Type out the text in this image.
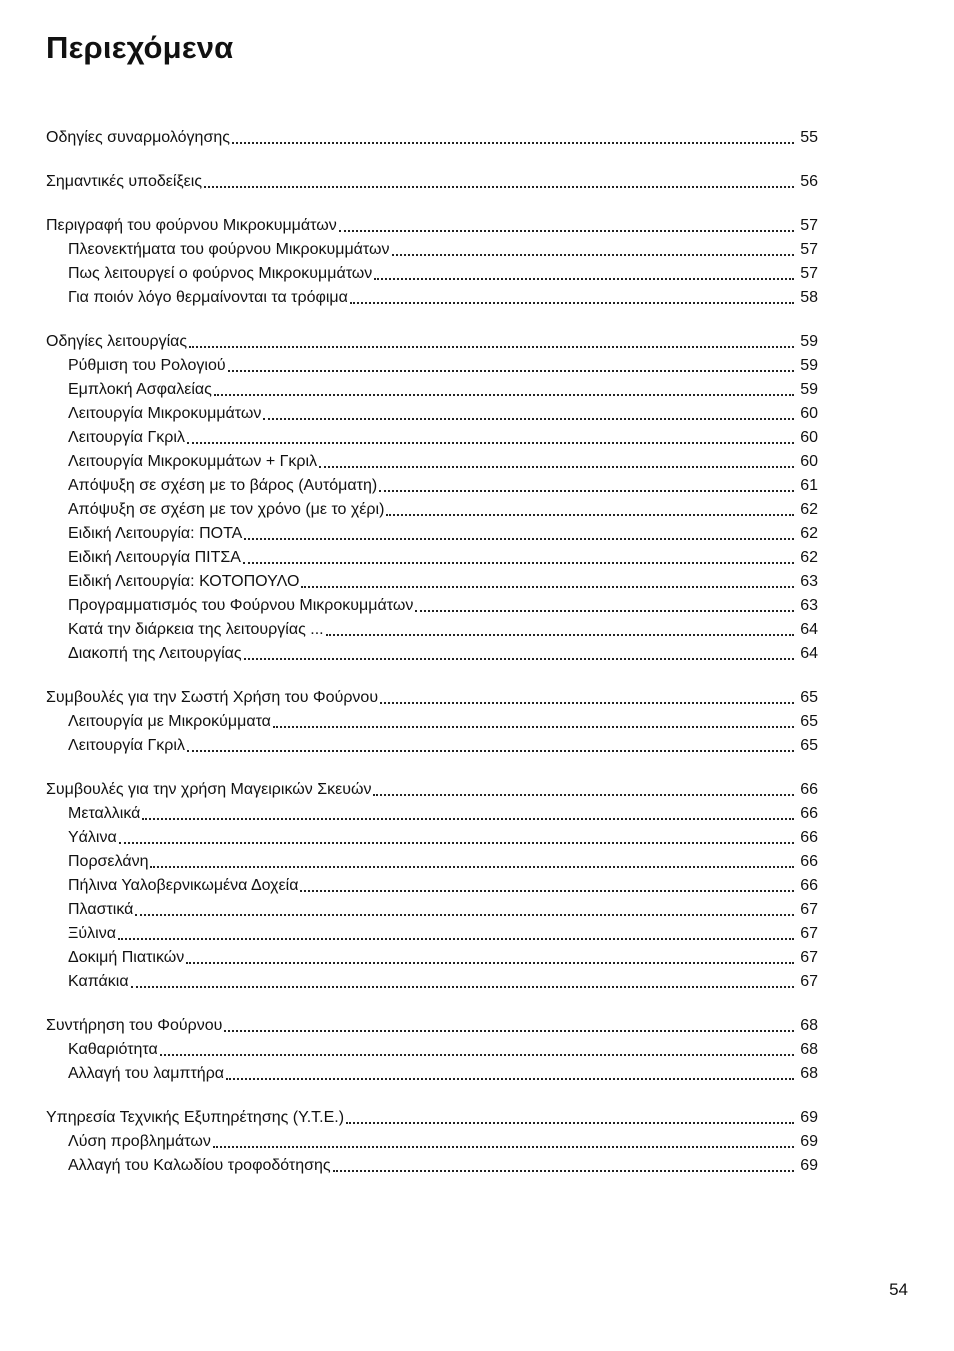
Περιεχόμενα
Οδηγίες συναρμολόγησης	55
Σημαντικές υποδείξεις	56
Περιγραφή του φούρνου Μικροκυμμάτων	57
Πλεονεκτήματα του φούρνου Μικροκυμμάτων	57
Πως λειτουργεί ο φούρνος Μικροκυμμάτων	57
Για ποιόν λόγο θερμαίνονται τα τρόφιμα	58
Οδηγίες λειτουργίας	59
Ρύθμιση του Ρολογιού	59
Εμπλοκή Ασφαλείας	59
Λειτουργία Μικροκυμμάτων	60
Λειτουργία Γκριλ	60
Λειτουργία Μικροκυμμάτων + Γκριλ	60
Απόψυξη σε σχέση με το βάρος (Αυτόματη)	61
Απόψυξη σε σχέση με τον χρόνο (με το χέρι)	62
Ειδική Λειτουργία: ΠΟΤΑ	62
Ειδική Λειτουργία ΠΙΤΣΑ	62
Ειδική Λειτουργία: ΚΟΤΟΠΟΥΛΟ	63
Προγραμματισμός του Φούρνου Μικροκυμμάτων	63
Κατά την διάρκεια της λειτουργίας ...	64
Διακοπή της Λειτουργίας	64
Συμβουλές για την Σωστή Χρήση του Φούρνου	65
Λειτουργία με Μικροκύμματα	65
Λειτουργία Γκριλ	65
Συμβουλές για την χρήση Μαγειρικών Σκευών	66
Μεταλλικά	66
Υάλινα	66
Πορσελάνη	66
Πήλινα Υαλοβερνικωμένα Δοχεία	66
Πλαστικά	67
Ξύλινα	67
Δοκιμή Πιατικών	67
Καπάκια	67
Συντήρηση του Φούρνου	68
Καθαριότητα	68
Αλλαγή του λαμπτήρα	68
Υπηρεσία Τεχνικής Εξυπηρέτησης (Υ.Τ.Ε.)	69
Λύση προβλημάτων	69
Αλλαγή του Καλωδίου τροφοδότησης	69
54
